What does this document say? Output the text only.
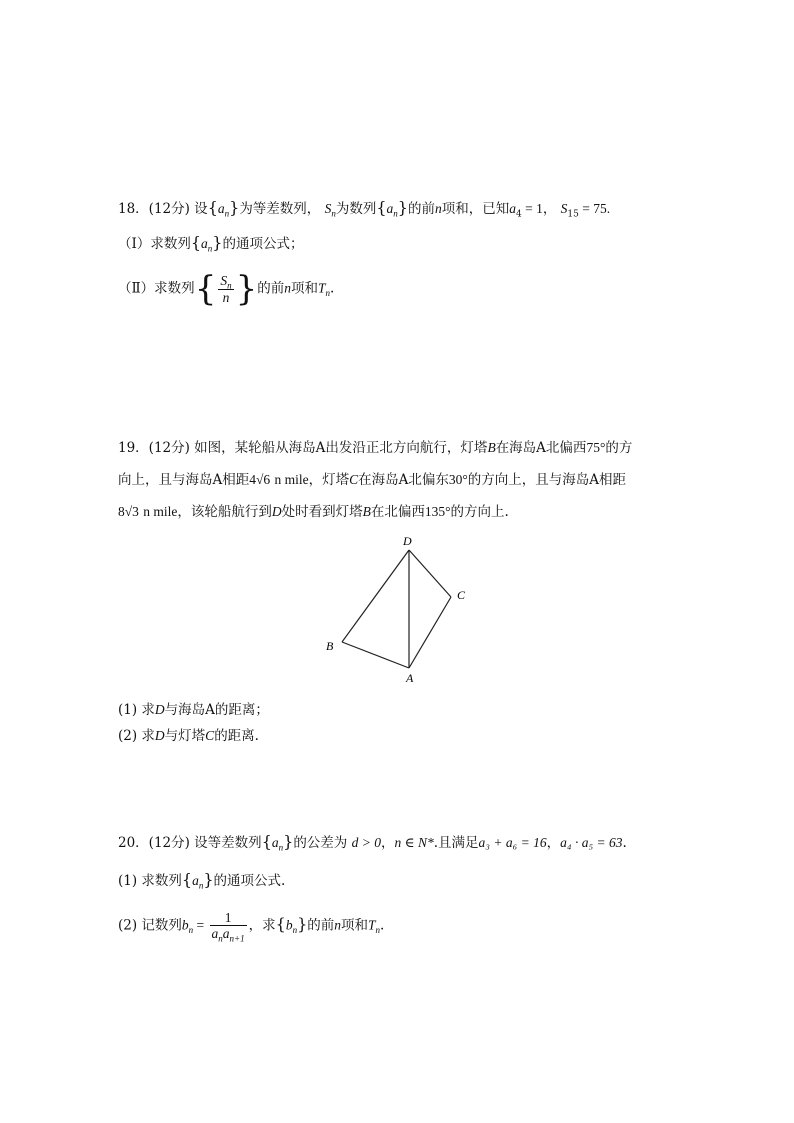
18．(12分) 设$\{a_n\}$为等差数列， $S_n$为数列$\{a_n\}$的前n项和，已知$a_4 = 1$， $S_{15} = 75$.
（Ⅰ）求数列$\{a_n\}$的通项公式；
（Ⅱ）求数列{ $\frac{S_n}{n}$ }的前n项和$T_n$.
19．(12分) 如图，某轮船从海岛A出发沿正北方向航行，灯塔B在海岛A北偏西75°的方
向上，且与海岛A相距4√6 n mile，灯塔C在海岛A北偏东30°的方向上，且与海岛A相距
8√3 n mile，该轮船航行到D处时看到灯塔B在北偏西135°的方向上.
D
C
B
A
(1) 求D与海岛A的距离；
(2) 求D与灯塔C的距离.
20．(12分) 设等差数列$\{a_n\}$的公差为 d > 0，n ∈ N*.且满足a₃ + a₆ = 16，a₄ · a₅ = 63.
(1) 求数列$\{a_n\}$的通项公式.
(2) 记数列$b_n = \frac{1}{a_na_{n+1}}$ ，求$\{b_n\}$的前n项和$T_n$.
